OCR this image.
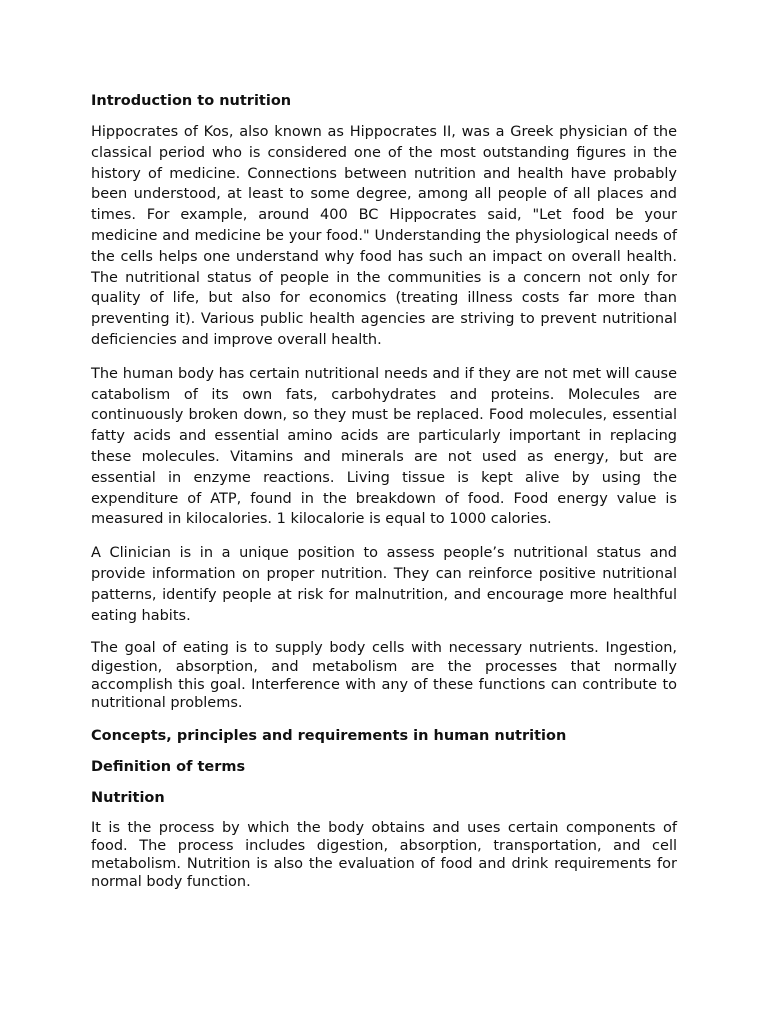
Introduction to nutrition

Hippocrates of Kos, also known as Hippocrates II, was a Greek physician of the classical period who is considered one of the most outstanding figures in the history of medicine. Connections between nutrition and health have probably been understood, at least to some degree, among all people of all places and times. For example, around 400 BC Hippocrates said, "Let food be your medicine and medicine be your food." Understanding the physiological needs of the cells helps one understand why food has such an impact on overall health. The nutritional status of people in the communities is a concern not only for quality of life, but also for economics (treating illness costs far more than preventing it). Various public health agencies are striving to prevent nutritional deficiencies and improve overall health.

The human body has certain nutritional needs and if they are not met will cause catabolism of its own fats, carbohydrates and proteins. Molecules are continuously broken down, so they must be replaced. Food molecules, essential fatty acids and essential amino acids are particularly important in replacing these molecules. Vitamins and minerals are not used as energy, but are essential in enzyme reactions. Living tissue is kept alive by using the expenditure of ATP, found in the breakdown of food. Food energy value is measured in kilocalories. 1 kilocalorie is equal to 1000 calories.

A Clinician is in a unique position to assess people’s nutritional status and provide information on proper nutrition. They can reinforce positive nutritional patterns, identify people at risk for malnutrition, and encourage more healthful eating habits.

The goal of eating is to supply body cells with necessary nutrients. Ingestion, digestion, absorption, and metabolism are the processes that normally accomplish this goal. Interference with any of these functions can contribute to nutritional problems.

Concepts, principles and requirements in human nutrition
Definition of terms
Nutrition

It is the process by which the body obtains and uses certain components of food. The process includes digestion, absorption, transportation, and cell metabolism. Nutrition is also the evaluation of food and drink requirements for normal body function.
